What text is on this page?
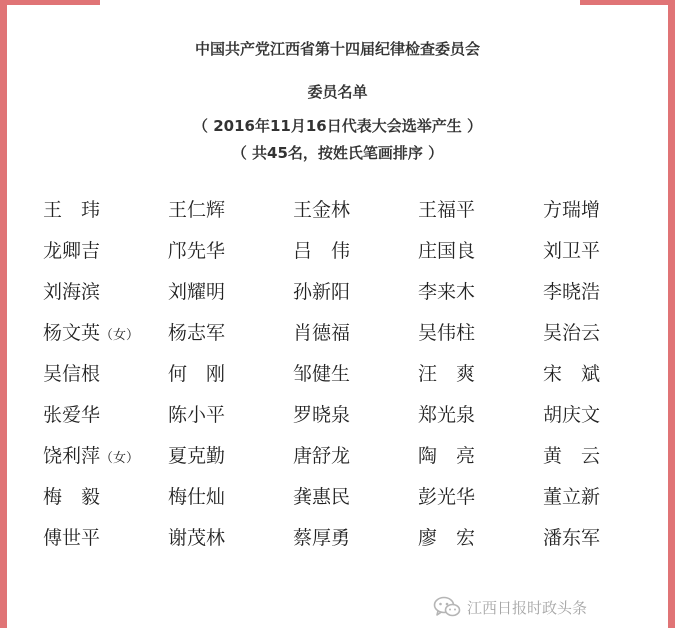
中国共产党江西省第十四届纪律检查委员会
委员名单
（ 2016年11月16日代表大会选举产生 ）
（ 共45名，按姓氏笔画排序 ）
王　玮	王仁辉	王金林	王福平	方瑞增
龙卿吉	邝先华	吕　伟	庄国良	刘卫平
刘海滨	刘耀明	孙新阳	李来木	李晓浩
杨文英（女）	杨志军	肖德福	吴伟柱	吴治云
吴信根	何　刚	邹健生	汪　爽	宋　斌
张爱华	陈小平	罗晓泉	郑光泉	胡庆文
饶利萍（女）	夏克勤	唐舒龙	陶　亮	黄　云
梅　毅	梅仕灿	龚惠民	彭光华	董立新
傅世平	谢茂林	蔡厚勇	廖　宏	潘东军
江西日报时政头条
